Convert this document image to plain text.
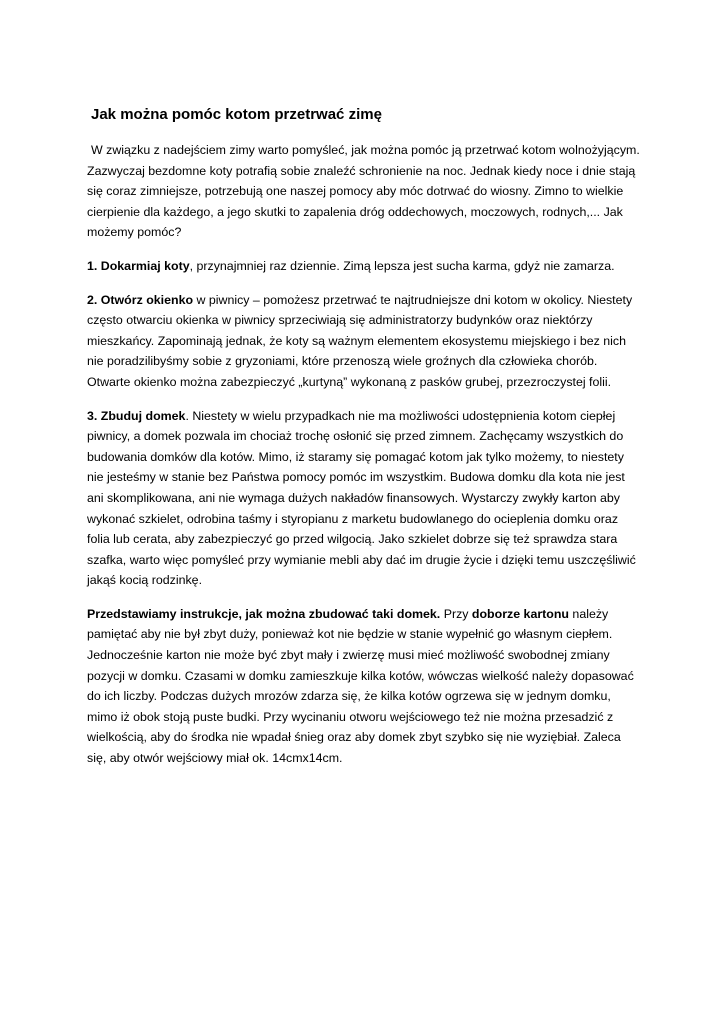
Jak można pomóc kotom przetrwać zimę

W związku z nadejściem zimy warto pomyśleć, jak można pomóc ją przetrwać kotom wolnożyjącym. Zazwyczaj bezdomne koty potrafią sobie znaleźć schronienie na noc. Jednak kiedy noce i dnie stają się coraz zimniejsze, potrzebują one naszej pomocy aby móc dotrwać do wiosny. Zimno to wielkie cierpienie dla każdego, a jego skutki to zapalenia dróg oddechowych, moczowych, rodnych,... Jak możemy pomóc?

1. Dokarmiaj koty, przynajmniej raz dziennie. Zimą lepsza jest sucha karma, gdyż nie zamarza.

2. Otwórz okienko w piwnicy – pomożesz przetrwać te najtrudniejsze dni kotom w okolicy. Niestety często otwarciu okienka w piwnicy sprzeciwiają się administratorzy budynków oraz niektórzy mieszkańcy. Zapominają jednak, że koty są ważnym elementem ekosystemu miejskiego i bez nich nie poradzilibyśmy sobie z gryzoniami, które przenoszą wiele groźnych dla człowieka chorób. Otwarte okienko można zabezpieczyć „kurtyną” wykonaną z pasków grubej, przezroczystej folii.

3. Zbuduj domek. Niestety w wielu przypadkach nie ma możliwości udostępnienia kotom ciepłej piwnicy, a domek pozwala im chociaż trochę osłonić się przed zimnem. Zachęcamy wszystkich do budowania domków dla kotów. Mimo, iż staramy się pomagać kotom jak tylko możemy, to niestety nie jesteśmy w stanie bez Państwa pomocy pomóc im wszystkim. Budowa domku dla kota nie jest ani skomplikowana, ani nie wymaga dużych nakładów finansowych. Wystarczy zwykły karton aby wykonać szkielet, odrobina taśmy i styropianu z marketu budowlanego do ocieplenia domku oraz folia lub cerata, aby zabezpieczyć go przed wilgocią. Jako szkielet dobrze się też sprawdza stara szafka, warto więc pomyśleć przy wymianie mebli aby dać im drugie życie i dzięki temu uszczęśliwić jakąś kocią rodzinkę.

Przedstawiamy instrukcje, jak można zbudować taki domek. Przy doborze kartonu należy pamiętać aby nie był zbyt duży, ponieważ kot nie będzie w stanie wypełnić go własnym ciepłem. Jednocześnie karton nie może być zbyt mały i zwierzę musi mieć możliwość swobodnej zmiany pozycji w domku. Czasami w domku zamieszkuje kilka kotów, wówczas wielkość należy dopasować do ich liczby. Podczas dużych mrozów zdarza się, że kilka kotów ogrzewa się w jednym domku, mimo iż obok stoją puste budki. Przy wycinaniu otworu wejściowego też nie można przesadzić z wielkością, aby do środka nie wpadał śnieg oraz aby domek zbyt szybko się nie wyziębiał. Zaleca się, aby otwór wejściowy miał ok. 14cmx14cm.
